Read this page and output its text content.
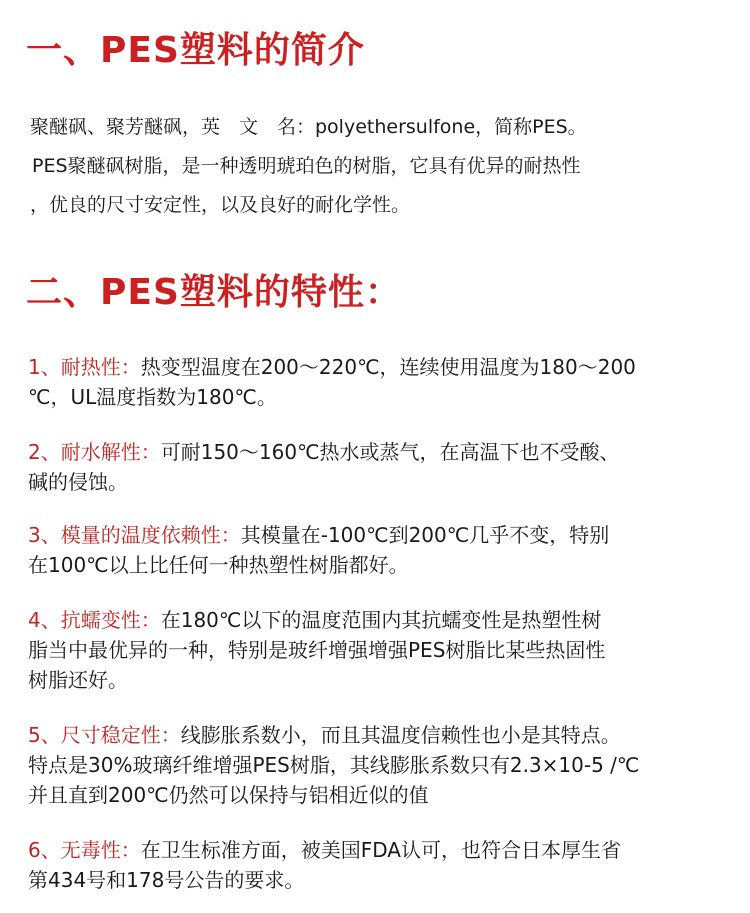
一、PES塑料的简介
聚醚砜、聚芳醚砜，英　文　名：polyethersulfone，简称PES。
PES聚醚砜树脂，是一种透明琥珀色的树脂，它具有优异的耐热性
，优良的尺寸安定性，以及良好的耐化学性。
二、PES塑料的特性：
1、耐热性：热变型温度在200～220℃，连续使用温度为180～200
℃，UL温度指数为180℃。
2、耐水解性：可耐150～160℃热水或蒸气，在高温下也不受酸、
碱的侵蚀。
3、模量的温度依赖性：其模量在-100℃到200℃几乎不变，特别
在100℃以上比任何一种热塑性树脂都好。
4、抗蠕变性：在180℃以下的温度范围内其抗蠕变性是热塑性树
脂当中最优异的一种，特别是玻纤增强增强PES树脂比某些热固性
树脂还好。
5、尺寸稳定性：线膨胀系数小，而且其温度信赖性也小是其特点。
特点是30%玻璃纤维增强PES树脂，其线膨胀系数只有2.3×10-5 /℃
并且直到200℃仍然可以保持与铝相近似的值
6、无毒性：在卫生标准方面，被美国FDA认可，也符合日本厚生省
第434号和178号公告的要求。
